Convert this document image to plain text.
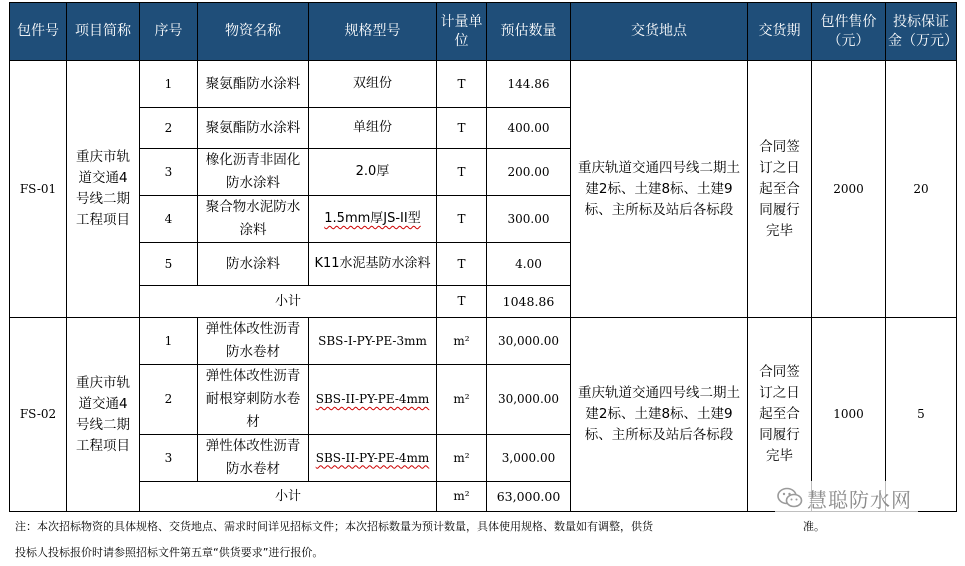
包件号	项目简称	序号	物资名称	规格型号	计量单位	预估数量	交货地点	交货期	包件售价（元）	投标保证金（万元）
FS-01	重庆市轨道交通4号线二期工程项目	1	聚氨酯防水涂料	双组份	T	144.86	重庆轨道交通四号线二期土建2标、土建8标、土建9标、主所标及站后各标段	合同签订之日起至合同履行完毕	2000	20
		2	聚氨酯防水涂料	单组份	T	400.00				
		3	橡化沥青非固化防水涂料	2.0厚	T	200.00				
		4	聚合物水泥防水涂料	1.5mm厚JS-II型	T	300.00				
		5	防水涂料	K11水泥基防水涂料	T	4.00				
		小计			T	1048.86				
FS-02	重庆市轨道交通4号线二期工程项目	1	弹性体改性沥青防水卷材	SBS-I-PY-PE-3mm	m²	30,000.00	重庆轨道交通四号线二期土建2标、土建8标、土建9标、主所标及站后各标段	合同签订之日起至合同履行完毕	1000	5
		2	弹性体改性沥青耐根穿刺防水卷材	SBS-II-PY-PE-4mm	m²	30,000.00				
		3	弹性体改性沥青防水卷材	SBS-II-PY-PE-4mm	m²	3,000.00				
		小计			m²	63,000.00				
注：本次招标物资的具体规格、交货地点、需求时间详见招标文件；本次招标数量为预计数量，具体使用规格、数量如有调整，供货	准。
投标人投标报价时请参照招标文件第五章“供货要求”进行报价。
慧聪防水网
